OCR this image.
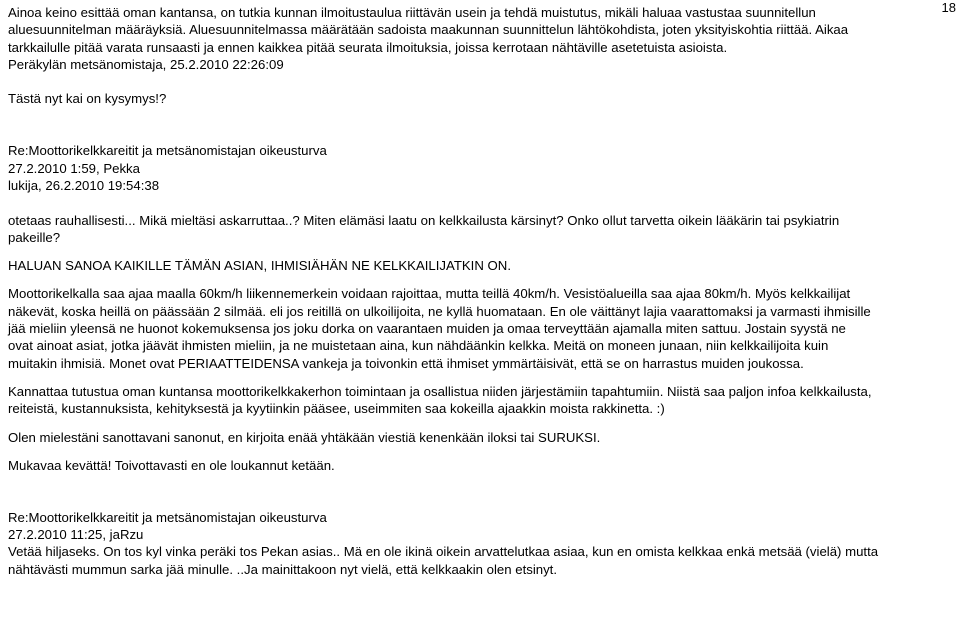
18
Ainoa keino esittää oman kantansa, on tutkia kunnan ilmoitustaulua riittävän usein ja tehdä muistutus, mikäli haluaa vastustaa suunnitellun
aluesuunnitelman määräyksiä. Aluesuunnitelmassa määrätään sadoista maakunnan suunnittelun lähtökohdista, joten yksityiskohtia riittää. Aikaa
tarkkailulle pitää varata runsaasti ja ennen kaikkea pitää seurata ilmoituksia, joissa kerrotaan nähtäville asetetuista asioista.
Peräkylän metsänomistaja, 25.2.2010 22:26:09
Tästä nyt kai on kysymys!?
Re:Moottorikelkkareitit ja metsänomistajan oikeusturva
27.2.2010 1:59, Pekka
lukija, 26.2.2010 19:54:38
otetaas rauhallisesti... Mikä mieltäsi askarruttaa..? Miten elämäsi laatu on kelkkailusta kärsinyt? Onko ollut tarvetta oikein lääkärin tai psykiatrin
pakeille?
HALUAN SANOA KAIKILLE TÄMÄN ASIAN, IHMISIÄHÄN NE KELKKAILIJATKIN ON.
Moottorikelkalla saa ajaa maalla 60km/h liikennemerkein voidaan rajoittaa, mutta teillä 40km/h. Vesistöalueilla saa ajaa 80km/h. Myös kelkkailijat
näkevät, koska heillä on päässään 2 silmää. eli jos reitillä on ulkoilijoita, ne kyllä huomataan. En ole väittänyt lajia vaarattomaksi ja varmasti ihmisille
jää mieliin yleensä ne huonot kokemuksensa jos joku dorka on vaarantaen muiden ja omaa terveyttään ajamalla miten sattuu. Jostain syystä ne
ovat ainoat asiat, jotka jäävät ihmisten mieliin, ja ne muistetaan aina, kun nähdäänkin kelkka. Meitä on moneen junaan, niin kelkkailijoita kuin
muitakin ihmisiä. Monet ovat PERIAATTEIDENSA vankeja ja toivonkin että ihmiset ymmärtäisivät, että se on harrastus muiden joukossa.
Kannattaa tutustua oman kuntansa moottorikelkkakerhon toimintaan ja osallistua niiden järjestämiin tapahtumiin. Niistä saa paljon infoa kelkkailusta,
reiteistä, kustannuksista, kehityksestä ja kyytiinkin pääsee, useimmiten saa kokeilla ajaakkin moista rakkinetta. :)
Olen mielestäni sanottavani sanonut, en kirjoita enää yhtäkään viestiä kenenkään iloksi tai SURUKSI.
Mukavaa kevättä! Toivottavasti en ole loukannut ketään.
Re:Moottorikelkkareitit ja metsänomistajan oikeusturva
27.2.2010 11:25, jaRzu
Vetää hiljaseks. On tos kyl vinka peräki tos Pekan asias.. Mä en ole ikinä oikein arvattelutkaa asiaa, kun en omista kelkkaa enkä metsää (vielä) mutta
nähtävästi mummun sarka jää minulle. ..Ja mainittakoon nyt vielä, että kelkkaakin olen etsinyt.
